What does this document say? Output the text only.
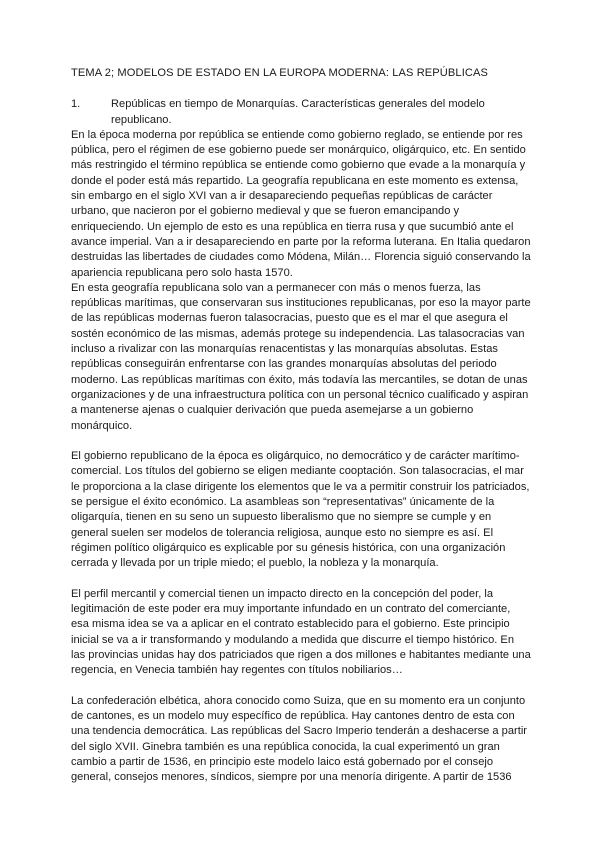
TEMA 2; MODELOS DE ESTADO EN LA EUROPA MODERNA: LAS REPÚBLICAS

1.	Repúblicas en tiempo de Monarquías. Características generales del modelo republicano.

En la época moderna por república se entiende como gobierno reglado, se entiende por res pública, pero el régimen de ese gobierno puede ser monárquico, oligárquico, etc. En sentido más restringido el término república se entiende como gobierno que evade a la monarquía y donde el poder está más repartido. La geografía republicana en este momento es extensa, sin embargo en el siglo XVI van a ir desapareciendo pequeñas repúblicas de carácter urbano, que nacieron por el gobierno medieval y que se fueron emancipando y enriqueciendo. Un ejemplo de esto es una república en tierra rusa y que sucumbió ante el avance imperial. Van a ir desapareciendo en parte por la reforma luterana. En Italia quedaron destruidas las libertades de ciudades como Módena, Milán… Florencia siguió conservando la apariencia republicana pero solo hasta 1570.

En esta geografía republicana solo van a permanecer con más o menos fuerza, las repúblicas marítimas, que conservaran sus instituciones republicanas, por eso la mayor parte de las repúblicas modernas fueron talasocracias, puesto que es el mar el que asegura el sostén económico de las mismas, además protege su independencia. Las talasocracias van incluso a rivalizar con las monarquías renacentistas y las monarquías absolutas. Estas repúblicas conseguirán enfrentarse con las grandes monarquías absolutas del periodo moderno. Las repúblicas marítimas con éxito, más todavía las mercantiles, se dotan de unas organizaciones y de una infraestructura política con un personal técnico cualificado y aspiran a mantenerse ajenas o cualquier derivación que pueda asemejarse a un gobierno monárquico.

El gobierno republicano de la época es oligárquico, no democrático y de carácter marítimo-comercial. Los títulos del gobierno se eligen mediante cooptación. Son talasocracias, el mar le proporciona a la clase dirigente los elementos que le va a permitir construir los patriciados, se persigue el éxito económico. La asambleas son “representativas” únicamente de la oligarquía, tienen en su seno un supuesto liberalismo que no siempre se cumple y en general suelen ser modelos de tolerancia religiosa, aunque esto no siempre es así. El régimen político oligárquico es explicable por su génesis histórica, con una organización cerrada y llevada por un triple miedo; el pueblo, la nobleza y la monarquía.

El perfil mercantil y comercial tienen un impacto directo en la concepción del poder, la legitimación de este poder era muy importante infundado en un contrato del comerciante, esa misma idea se va a aplicar en el contrato establecido para el gobierno. Este principio inicial se va a ir transformando y modulando a medida que discurre el tiempo histórico. En las provincias unidas hay dos patriciados que rigen a dos millones e habitantes mediante una regencia, en Venecia también hay regentes con títulos nobiliarios…

La confederación elbética, ahora conocido como Suiza, que en su momento era un conjunto de cantones, es un modelo muy específico de república. Hay cantones dentro de esta con una tendencia democrática. Las repúblicas del Sacro Imperio tenderán a deshacerse a partir del siglo XVII. Ginebra también es una república conocida, la cual experimentó un gran cambio a partir de 1536, en principio este modelo laico está gobernado por el consejo general, consejos menores, síndicos, siempre por una menoría dirigente. A partir de 1536
